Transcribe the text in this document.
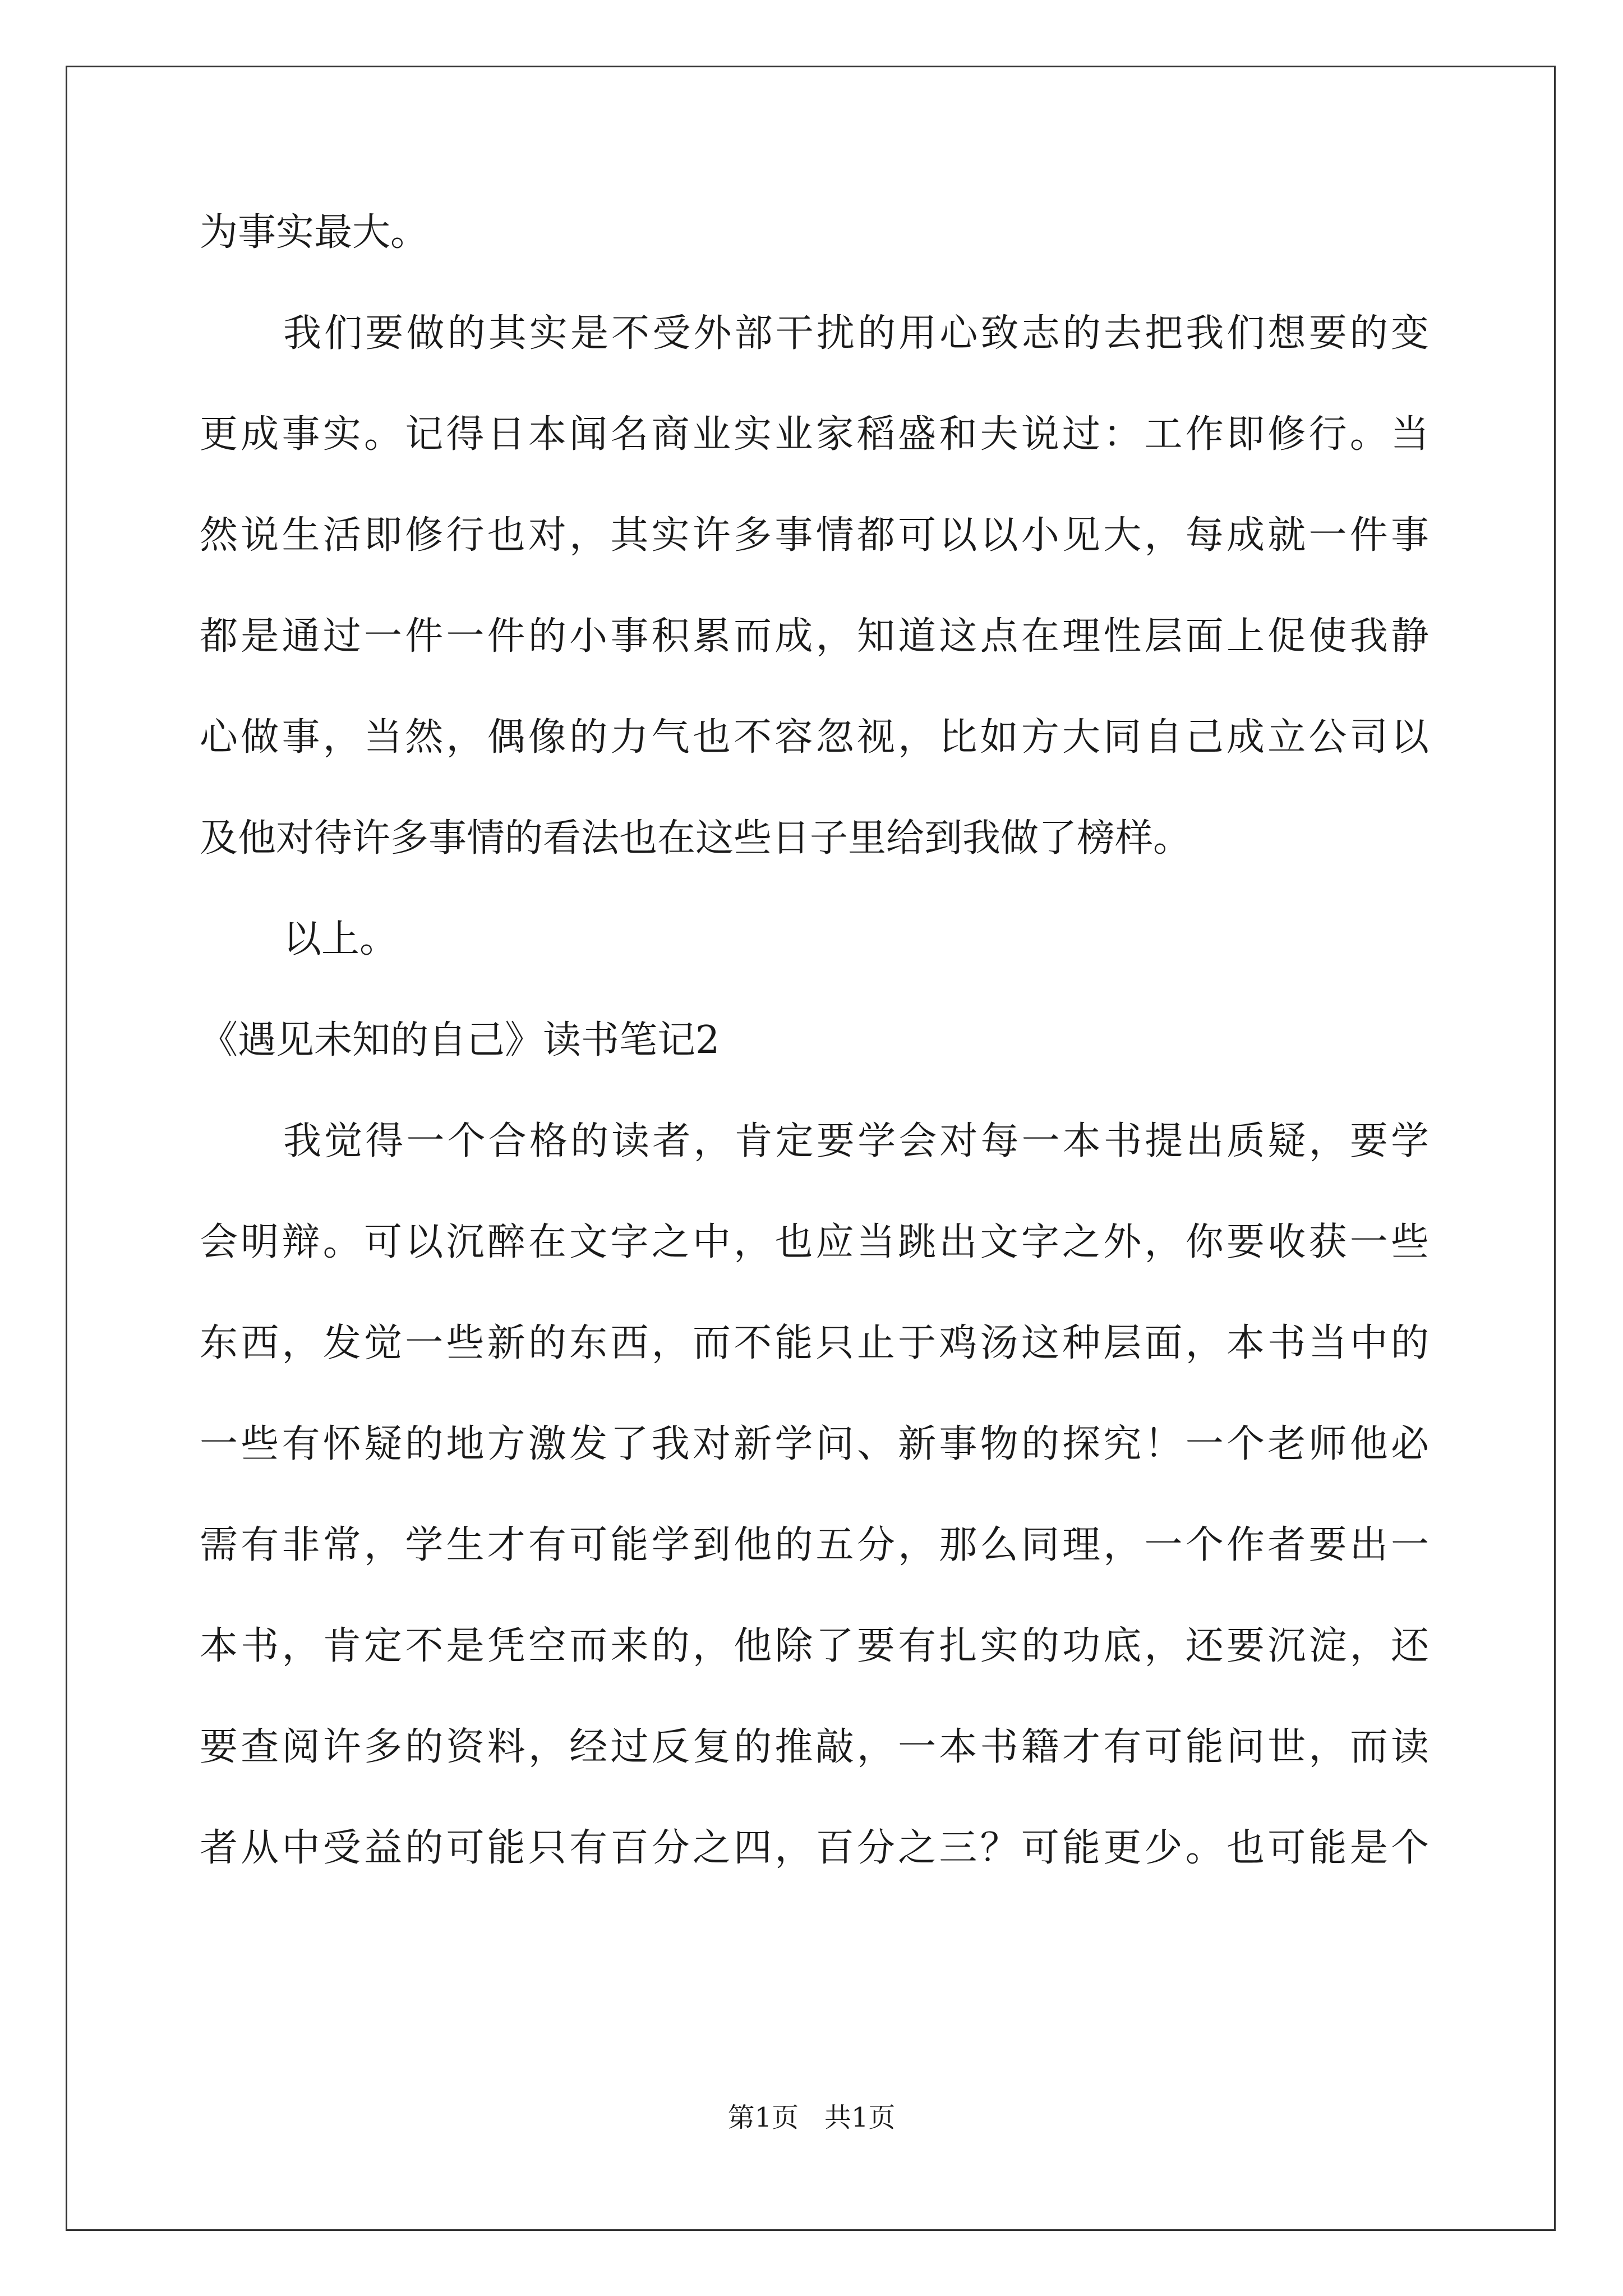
为事实最大。
我们要做的其实是不受外部干扰的用心致志的去把我们想要的变
更成事实。记得日本闻名商业实业家稻盛和夫说过：工作即修行。当
然说生活即修行也对，其实许多事情都可以以小见大，每成就一件事
都是通过一件一件的小事积累而成，知道这点在理性层面上促使我静
心做事，当然，偶像的力气也不容忽视，比如方大同自己成立公司以
及他对待许多事情的看法也在这些日子里给到我做了榜样。
以上。
《遇见未知的自己》读书笔记2
我觉得一个合格的读者，肯定要学会对每一本书提出质疑，要学
会明辩。可以沉醉在文字之中，也应当跳出文字之外，你要收获一些
东西，发觉一些新的东西，而不能只止于鸡汤这种层面，本书当中的
一些有怀疑的地方激发了我对新学问、新事物的探究！一个老师他必
需有非常，学生才有可能学到他的五分，那么同理，一个作者要出一
本书，肯定不是凭空而来的，他除了要有扎实的功底，还要沉淀，还
要查阅许多的资料，经过反复的推敲，一本书籍才有可能问世，而读
者从中受益的可能只有百分之四，百分之三？可能更少。也可能是个
第1页   共1页
